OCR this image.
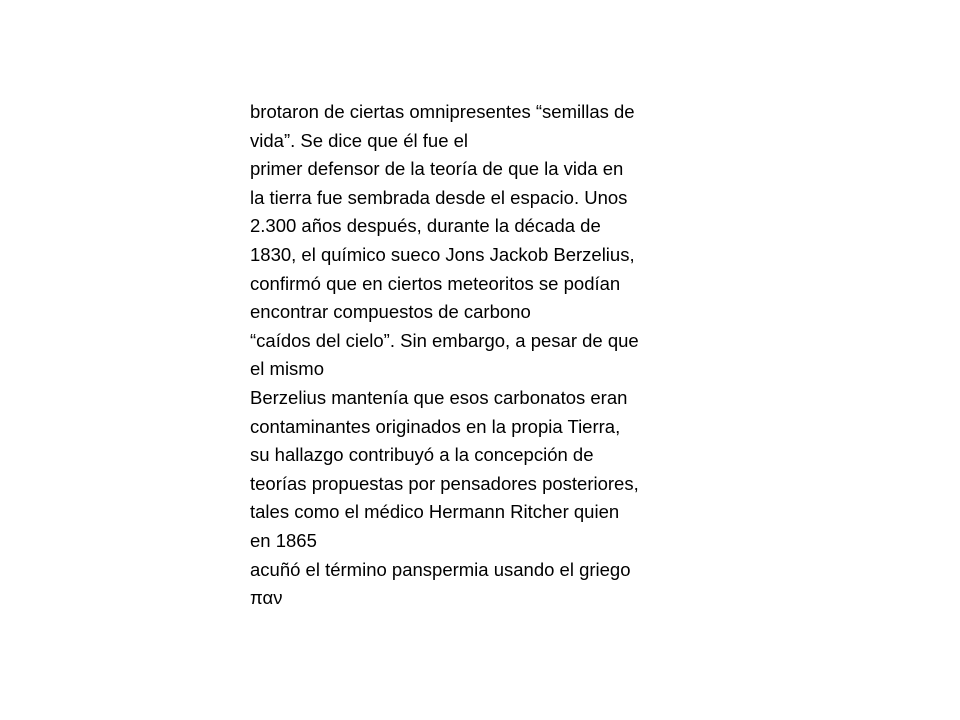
brotaron de ciertas omnipresentes “semillas de
vida”. Se dice que él fue el
primer defensor de la teoría de que la vida en
la tierra fue sembrada desde el espacio. Unos
2.300 años después, durante la década de
1830, el químico sueco Jons Jackob Berzelius,
confirmó que en ciertos meteoritos se podían
encontrar compuestos de carbono
“caídos del cielo”. Sin embargo, a pesar de que
el mismo
Berzelius mantenía que esos carbonatos eran
contaminantes originados en la propia Tierra,
su hallazgo contribuyó a la concepción de
teorías propuestas por pensadores posteriores,
tales como el médico Hermann Ritcher quien
en 1865
acuñó el término panspermia usando el griego
παν
